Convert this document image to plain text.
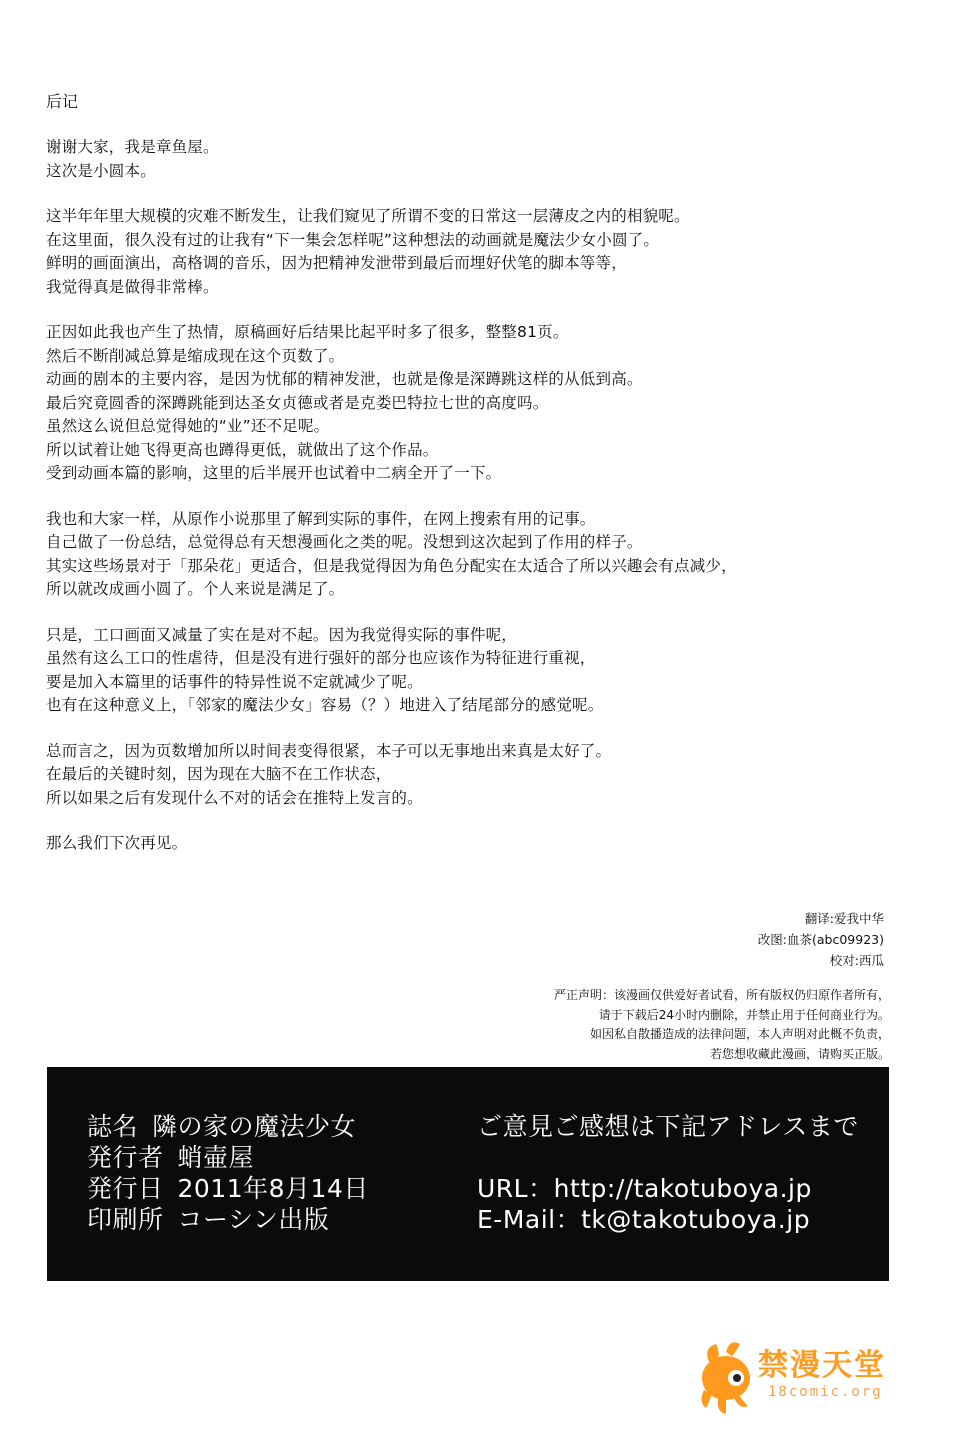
后记
谢谢大家，我是章鱼屋。
这次是小圆本。
这半年年里大规模的灾难不断发生，让我们窥见了所谓不变的日常这一层薄皮之内的相貌呢。
在这里面，很久没有过的让我有“下一集会怎样呢”这种想法的动画就是魔法少女小圆了。
鲜明的画面演出，高格调的音乐，因为把精神发泄带到最后而埋好伏笔的脚本等等，
我觉得真是做得非常棒。
正因如此我也产生了热情，原稿画好后结果比起平时多了很多，整整81页。
然后不断削减总算是缩成现在这个页数了。
动画的剧本的主要内容，是因为忧郁的精神发泄，也就是像是深蹲跳这样的从低到高。
最后究竟圆香的深蹲跳能到达圣女贞德或者是克娄巴特拉七世的高度吗。
虽然这么说但总觉得她的“业”还不足呢。
所以试着让她飞得更高也蹲得更低，就做出了这个作品。
受到动画本篇的影响，这里的后半展开也试着中二病全开了一下。
我也和大家一样，从原作小说那里了解到实际的事件，在网上搜索有用的记事。
自己做了一份总结，总觉得总有天想漫画化之类的呢。没想到这次起到了作用的样子。
其实这些场景对于「那朵花」更适合，但是我觉得因为角色分配实在太适合了所以兴趣会有点减少，
所以就改成画小圆了。个人来说是满足了。
只是，工口画面又减量了实在是对不起。因为我觉得实际的事件呢，
虽然有这么工口的性虐待，但是没有进行强奸的部分也应该作为特征进行重视，
要是加入本篇里的话事件的特异性说不定就减少了呢。
也有在这种意义上，「邻家的魔法少女」容易（？）地进入了结尾部分的感觉呢。
总而言之，因为页数增加所以时间表变得很紧，本子可以无事地出来真是太好了。
在最后的关键时刻，因为现在大脑不在工作状态，
所以如果之后有发现什么不对的话会在推特上发言的。
那么我们下次再见。
翻译:爱我中华
改图:血茶(abc09923)
校对:西瓜
严正声明：该漫画仅供爱好者试看，所有版权仍归原作者所有，
请于下载后24小时内删除，并禁止用于任何商业行为。
如因私自散播造成的法律问题，本人声明对此概不负责，
若您想收藏此漫画，请购买正版。
誌名 隣の家の魔法少女
発行者 蛸壷屋
発行日 2011年8月14日
印刷所 コーシン出版
ご意見ご感想は下記アドレスまで

URL：http://takotuboya.jp
E-Mail：tk@takotuboya.jp
禁漫天堂
18comic.org
